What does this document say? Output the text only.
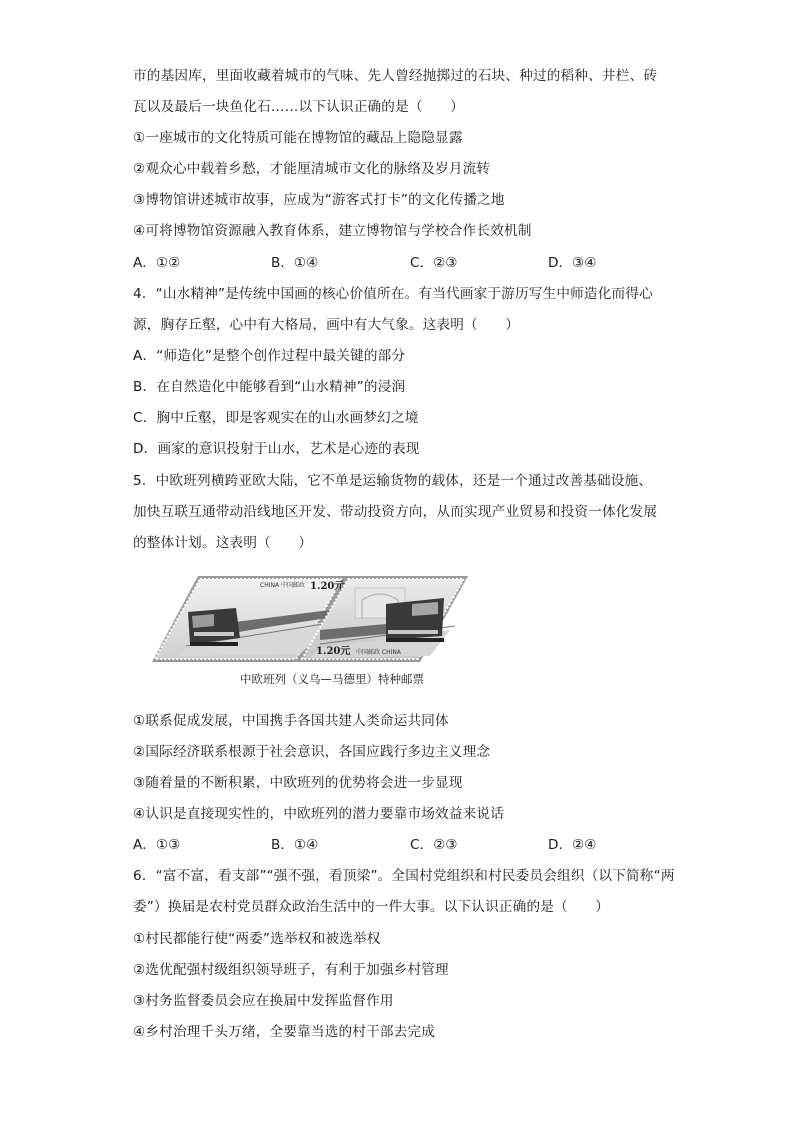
市的基因库，里面收藏着城市的气味、先人曾经抛掷过的石块、种过的稻种、井栏、砖
瓦以及最后一块鱼化石……以下认识正确的是（　　）
①一座城市的文化特质可能在博物馆的藏品上隐隐显露
②观众心中载着乡愁，才能厘清城市文化的脉络及岁月流转
③博物馆讲述城市故事，应成为“游客式打卡”的文化传播之地
④可将博物馆资源融入教育体系，建立博物馆与学校合作长效机制
A．①②	B．①④	C．②③	D．③④
4．“山水精神”是传统中国画的核心价值所在。有当代画家于游历写生中师造化而得心
源，胸存丘壑，心中有大格局，画中有大气象。这表明（　　）
A．“师造化”是整个创作过程中最关键的部分
B．在自然造化中能够看到“山水精神”的浸润
C．胸中丘壑，即是客观实在的山水画梦幻之境
D．画家的意识投射于山水，艺术是心迹的表现
5．中欧班列横跨亚欧大陆，它不单是运输货物的载体，还是一个通过改善基础设施、
加快互联互通带动沿线地区开发、带动投资方向，从而实现产业贸易和投资一体化发展
的整体计划。这表明（　　）
CHINA 中国邮政 1.20元
1.20元 中国邮政 CHINA
中欧班列（义乌—马德里）特种邮票
①联系促成发展，中国携手各国共建人类命运共同体
②国际经济联系根源于社会意识，各国应践行多边主义理念
③随着量的不断积累，中欧班列的优势将会进一步显现
④认识是直接现实性的，中欧班列的潜力要靠市场效益来说话
A．①③	B．①④	C．②③	D．②④
6．“富不富，看支部”“强不强，看顶梁”。全国村党组织和村民委员会组织（以下简称“两
委”）换届是农村党员群众政治生活中的一件大事。以下认识正确的是（　　）
①村民都能行使“两委”选举权和被选举权
②选优配强村级组织领导班子，有利于加强乡村管理
③村务监督委员会应在换届中发挥监督作用
④乡村治理千头万绪，全要靠当选的村干部去完成
